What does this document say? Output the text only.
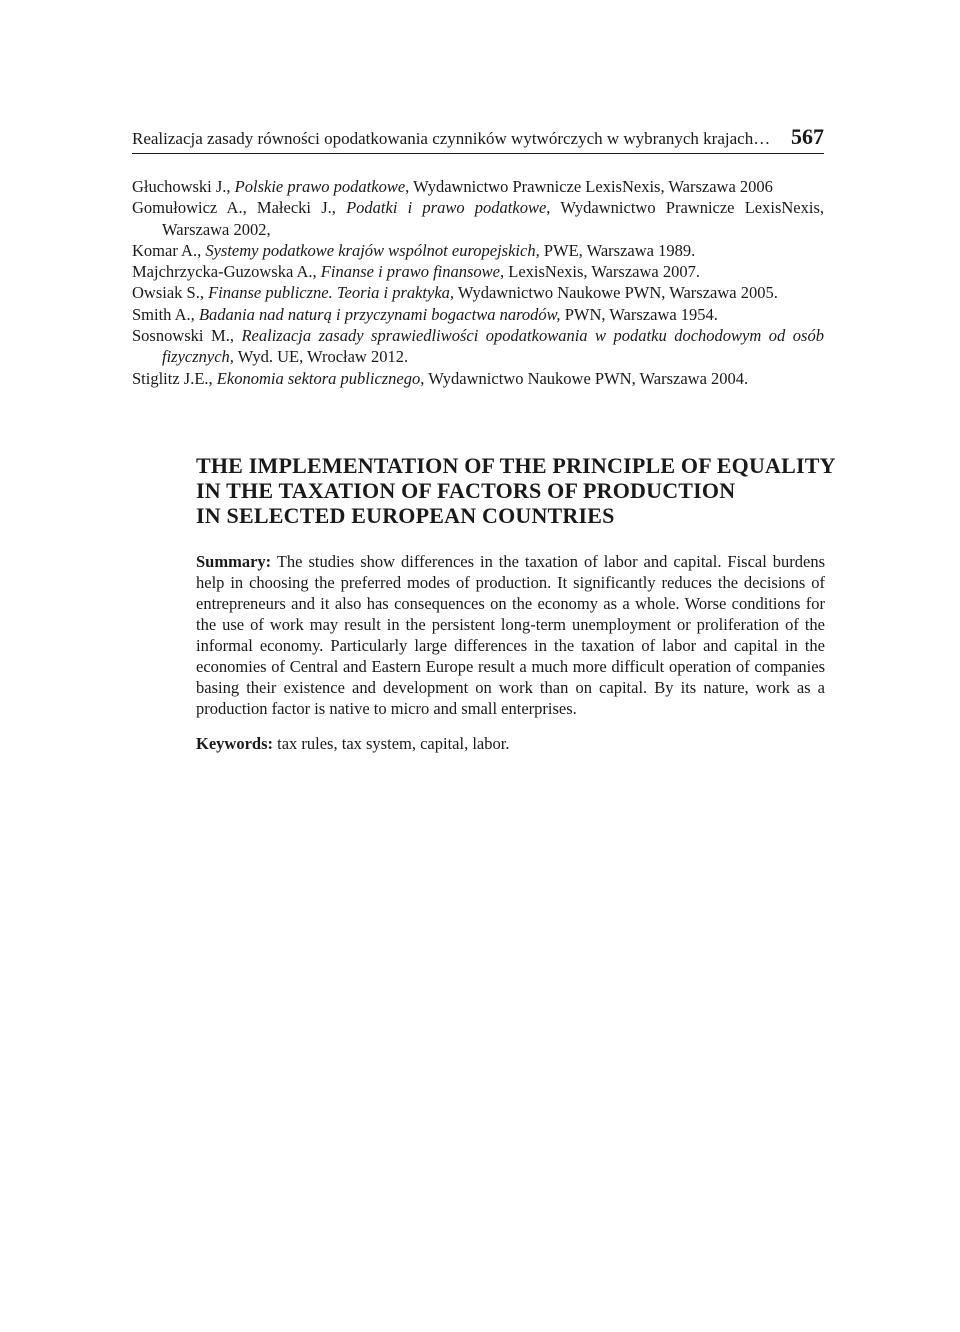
Realizacja zasady równości opodatkowania czynników wytwórczych w wybranych krajach… 567
Głuchowski J., Polskie prawo podatkowe, Wydawnictwo Prawnicze LexisNexis, Warszawa 2006
Gomułowicz A., Małecki J., Podatki i prawo podatkowe, Wydawnictwo Prawnicze LexisNexis, Warszawa 2002,
Komar A., Systemy podatkowe krajów wspólnot europejskich, PWE, Warszawa 1989.
Majchrzycka-Guzowska A., Finanse i prawo finansowe, LexisNexis, Warszawa 2007.
Owsiak S., Finanse publiczne. Teoria i praktyka, Wydawnictwo Naukowe PWN, Warszawa 2005.
Smith A., Badania nad naturą i przyczynami bogactwa narodów, PWN, Warszawa 1954.
Sosnowski M., Realizacja zasady sprawiedliwości opodatkowania w podatku dochodowym od osób fizycznych, Wyd. UE, Wrocław 2012.
Stiglitz J.E., Ekonomia sektora publicznego, Wydawnictwo Naukowe PWN, Warszawa 2004.
THE IMPLEMENTATION OF THE PRINCIPLE OF EQUALITY
IN THE TAXATION OF FACTORS OF PRODUCTION
IN SELECTED EUROPEAN COUNTRIES

Summary: The studies show differences in the taxation of labor and capital. Fiscal burdens help in choosing the preferred modes of production. It significantly reduces the decisions of entrepreneurs and it also has consequences on the economy as a whole. Worse conditions for the use of work may result in the persistent long-term unemployment or proliferation of the informal economy. Particularly large differences in the taxation of labor and capital in the economies of Central and Eastern Europe result a much more difficult operation of companies basing their existence and development on work than on capital. By its nature, work as a production factor is native to micro and small enterprises.

Keywords: tax rules, tax system, capital, labor.
